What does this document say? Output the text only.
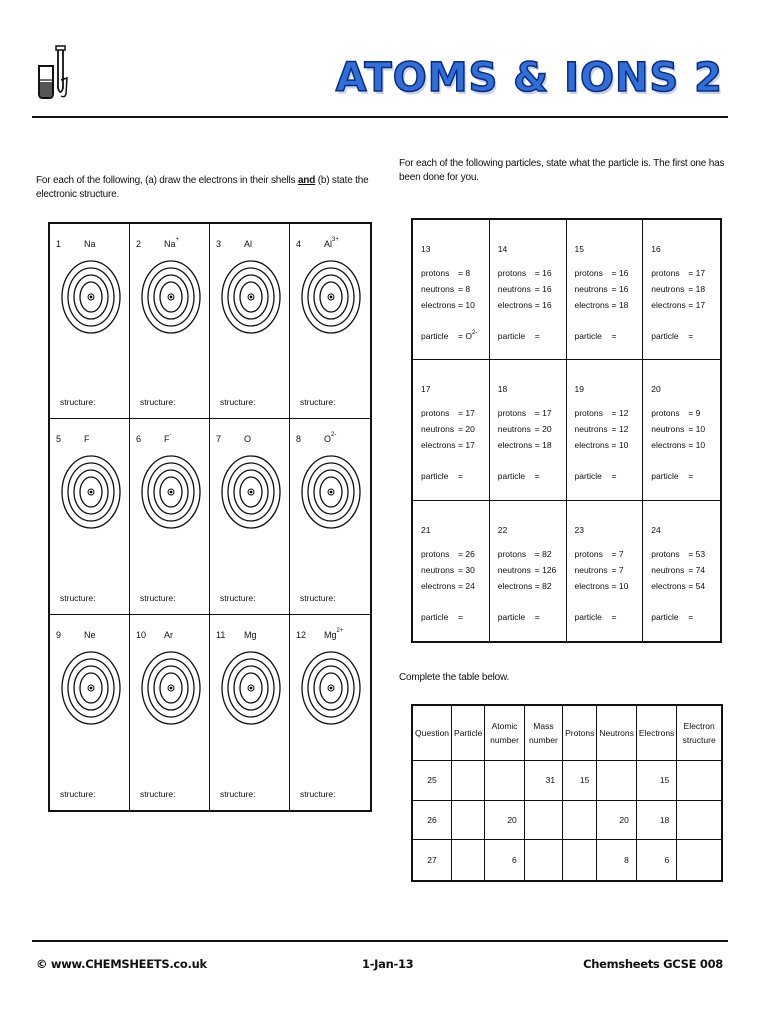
ATOMS & IONS 2
For each of the following, (a) draw the electrons in their shells and (b) state the electronic structure.
For each of the following particles, state what the particle is. The first one has been done for you.
1	Na
structure:
2	Na+
structure:
3	Al
structure:
4	$Al^{3+}$
structure:
5	F
structure:
6	F-
structure:
7	O
structure:
8	$O^{2-}$
structure:
9	Ne
structure:
10 Ar
structure:
11 Mg
structure:
12 $Mg^{2+}$
structure:
13
protons = 8
neutrons = 8
electrons = 10
particle = $O^{2-}$
14
protons = 16
neutrons = 16
electrons = 16
particle =
15
protons = 16
neutrons = 16
electrons = 18
particle =
16
protons = 17
neutrons = 18
electrons = 17
particle =
17
protons = 17
neutrons = 20
electrons = 17
particle =
18
protons = 17
neutrons = 20
electrons = 18
particle =
19
protons = 12
neutrons = 12
electrons = 10
particle =
20
protons = 9
neutrons = 10
electrons = 10
particle =
21
protons = 26
neutrons = 30
electrons = 24
particle =
22
protons = 82
neutrons = 126
electrons = 82
particle =
23
protons = 7
neutrons = 7
electrons = 10
particle =
24
protons = 53
neutrons = 74
electrons = 54
particle =
Complete the table below.
Question	Particle	Atomic number	Mass number	Protons	Neutrons	Electrons	Electron structure
25			31	15		15	
26		20			20	18	
27		6			8	6	
© www.CHEMSHEETS.co.uk	1-Jan-13	Chemsheets GCSE 008
